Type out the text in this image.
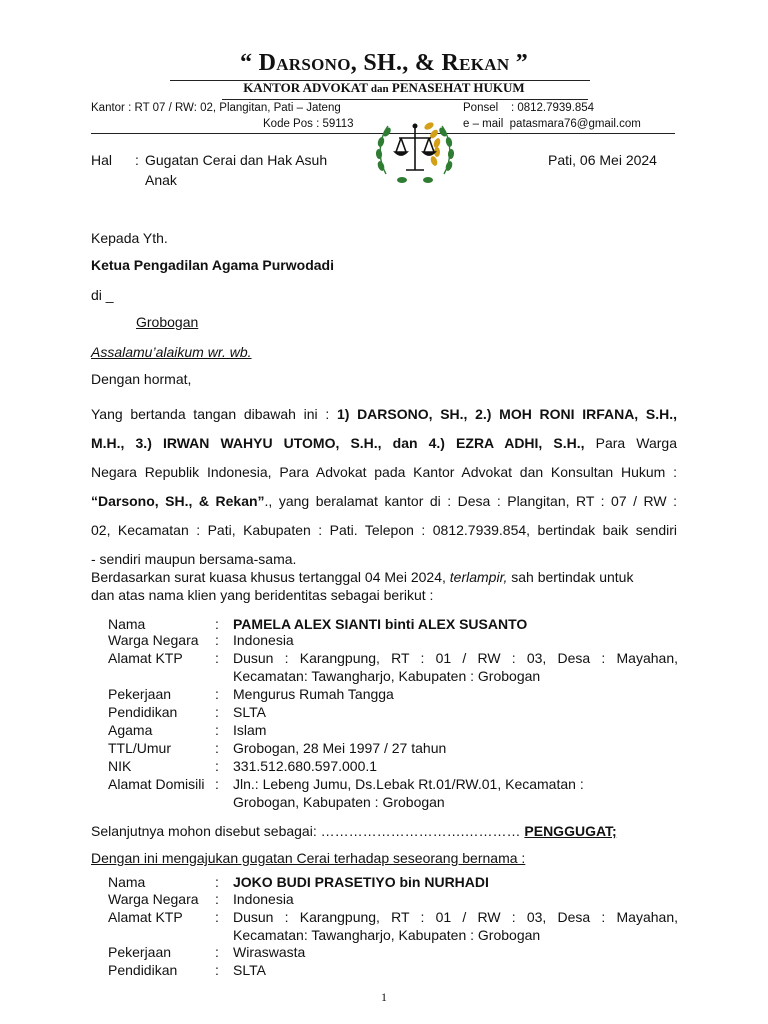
“ Darsono, SH., & Rekan ”
KANTOR ADVOKAT dan PENASEHAT HUKUM
Kantor : RT 07 / RW: 02, Plangitan, Pati – Jateng
Kode Pos : 59113
Ponsel    : 0812.7939.854
e – mail  patasmara76@gmail.com
Hal : Gugatan Cerai dan Hak Asuh
Anak
Pati, 06 Mei 2024
Kepada Yth.
Ketua Pengadilan Agama Purwodadi
di _
Grobogan
Assalamu’alaikum wr. wb.
Dengan hormat,
Yang bertanda tangan dibawah ini : 1) DARSONO, SH., 2.) MOH RONI IRFANA, S.H.,
M.H., 3.) IRWAN WAHYU UTOMO, S.H., dan 4.) EZRA ADHI, S.H., Para Warga
Negara Republik Indonesia, Para Advokat pada Kantor Advokat dan Konsultan Hukum :
“Darsono, SH., & Rekan”., yang beralamat kantor di : Desa : Plangitan, RT : 07 / RW :
02, Kecamatan : Pati, Kabupaten : Pati. Telepon : 0812.7939.854, bertindak baik sendiri
- sendiri maupun bersama-sama.
Berdasarkan surat kuasa khusus tertanggal 04 Mei 2024, terlampir, sah bertindak untuk
dan atas nama klien yang beridentitas sebagai berikut :
Nama	: PAMELA ALEX SIANTI binti ALEX SUSANTO
Warga Negara : Indonesia
Alamat KTP : Dusun : Karangpung, RT : 01 / RW : 03, Desa : Mayahan,
Kecamatan: Tawangharjo, Kabupaten : Grobogan
Pekerjaan	: Mengurus Rumah Tangga
Pendidikan	: SLTA
Agama	: Islam
TTL/Umur	: Grobogan, 28 Mei 1997 / 27 tahun
NIK	: 331.512.680.597.000.1
Alamat Domisili : Jln.: Lebeng Jumu, Ds.Lebak Rt.01/RW.01, Kecamatan :
Grobogan, Kabupaten : Grobogan
Selanjutnya mohon disebut sebagai: ………………………….………… PENGGUGAT;
Dengan ini mengajukan gugatan Cerai terhadap seseorang bernama :
Nama	: JOKO BUDI PRASETIYO bin NURHADI
Warga Negara : Indonesia
Alamat KTP : Dusun : Karangpung, RT : 01 / RW : 03, Desa : Mayahan,
Kecamatan: Tawangharjo, Kabupaten : Grobogan
Pekerjaan	: Wiraswasta
Pendidikan	: SLTA
1
